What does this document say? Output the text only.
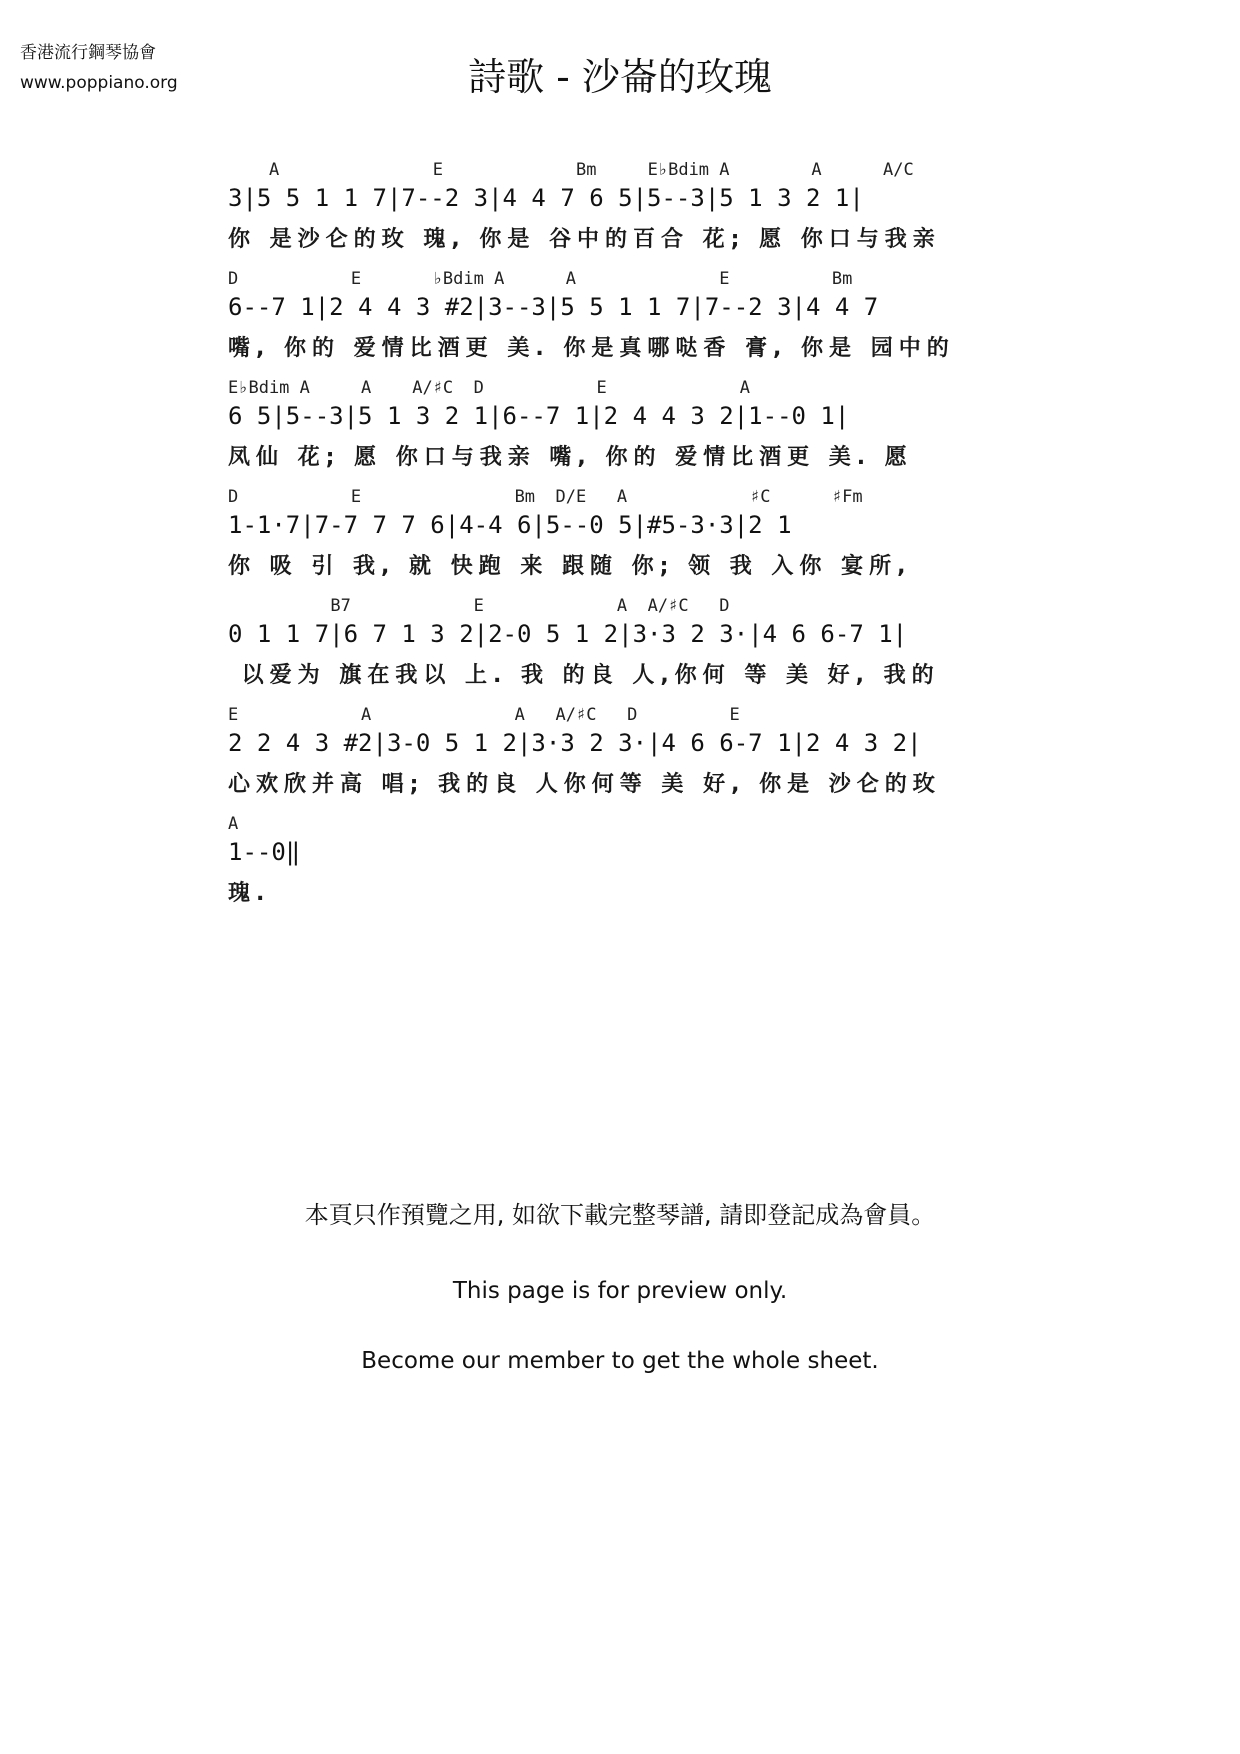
香港流行鋼琴協會
www.poppiano.org	詩歌 - 沙崙的玫瑰
A               E             Bm     E♭Bdim A        A      A/C
3|5 5 1 1 7|7--2 3|4 4 7 6 5|5--3|5 1 3 2 1|
你 是沙仑的玫 瑰, 你是 谷中的百合 花; 愿 你口与我亲
D           E       ♭Bdim A      A              E          Bm
6--7 1|2 4 4 3 #2|3--3|5 5 1 1 7|7--2 3|4 4 7
嘴, 你的 爱情比酒更 美. 你是真哪哒香 膏, 你是 园中的
E♭Bdim A     A    A/♯C  D           E             A
6 5|5--3|5 1 3 2 1|6--7 1|2 4 4 3 2|1--0 1|
凤仙 花; 愿 你口与我亲 嘴, 你的 爱情比酒更 美. 愿
D           E               Bm  D/E   A            ♯C      ♯Fm
1-1·7|7-7 7 7 6|4-4 6|5--0 5|#5-3·3|2 1
你 吸 引 我, 就 快跑 来 跟随 你; 领 我 入你 宴所,
B7            E             A  A/♯C   D
0 1 1 7|6 7 1 3 2|2-0 5 1 2|3·3 2 3·|4 6 6-7 1|
以爱为 旗在我以 上. 我 的良 人,你何 等 美 好, 我的
E            A              A   A/♯C   D         E
2 2 4 3 #2|3-0 5 1 2|3·3 2 3·|4 6 6-7 1|2 4 3 2|
心欢欣并高 唱; 我的良 人你何等 美 好, 你是 沙仑的玫
A
1--0‖
瑰.
本頁只作預覽之用, 如欲下載完整琴譜, 請即登記成為會員。
This page is for preview only.
Become our member to get the whole sheet.
